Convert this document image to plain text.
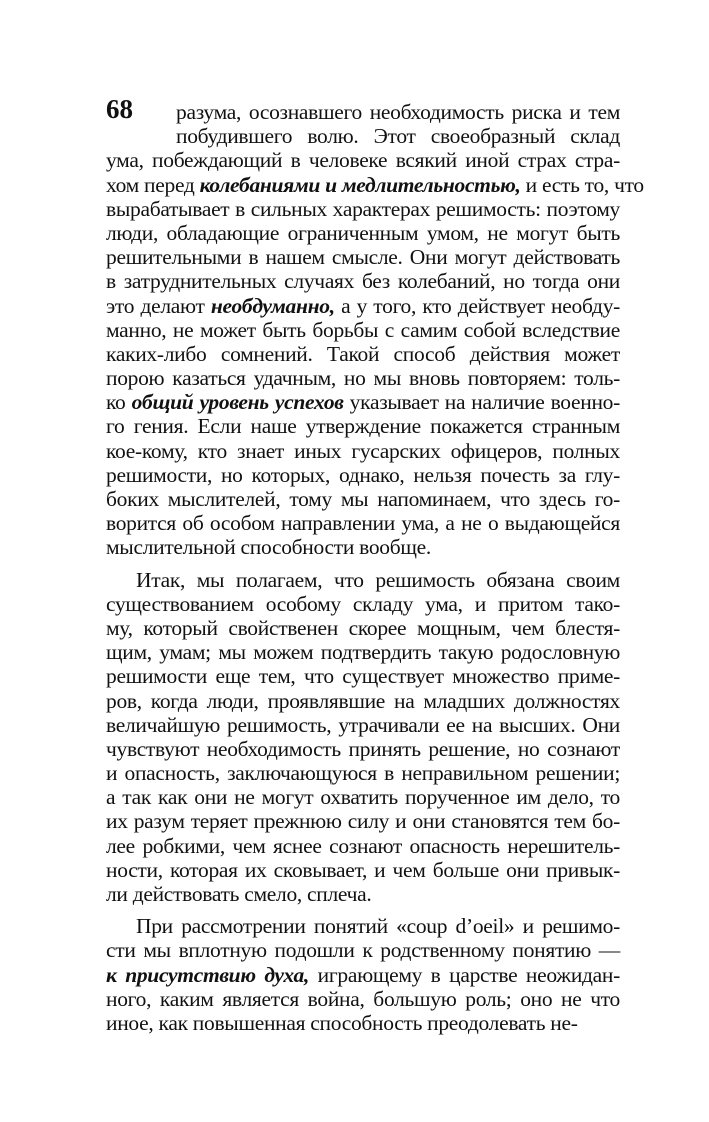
68	разума, осознавшего необходимость риска и тем
побудившего волю. Этот своеобразный склад
ума, побеждающий в человеке всякий иной страх стра-
хом перед колебаниями и медлительностью, и есть то, что
вырабатывает в сильных характерах решимость: поэтому
люди, обладающие ограниченным умом, не могут быть
решительными в нашем смысле. Они могут действовать
в затруднительных случаях без колебаний, но тогда они
это делают необдуманно, а у того, кто действует необду-
манно, не может быть борьбы с самим собой вследствие
каких-либо сомнений. Такой способ действия может
порою казаться удачным, но мы вновь повторяем: толь-
ко общий уровень успехов указывает на наличие военно-
го гения. Если наше утверждение покажется странным
кое-кому, кто знает иных гусарских офицеров, полных
решимости, но которых, однако, нельзя почесть за глу-
боких мыслителей, тому мы напоминаем, что здесь го-
ворится об особом направлении ума, а не о выдающейся
мыслительной способности вообще.
Итак, мы полагаем, что решимость обязана своим
существованием особому складу ума, и притом тако-
му, который свойственен скорее мощным, чем блестя-
щим, умам; мы можем подтвердить такую родословную
решимости еще тем, что существует множество приме-
ров, когда люди, проявлявшие на младших должностях
величайшую решимость, утрачивали ее на высших. Они
чувствуют необходимость принять решение, но сознают
и опасность, заключающуюся в неправильном решении;
а так как они не могут охватить порученное им дело, то
их разум теряет прежнюю силу и они становятся тем бо-
лее робкими, чем яснее сознают опасность нерешитель-
ности, которая их сковывает, и чем больше они привык-
ли действовать смело, сплеча.
При рассмотрении понятий «coup d’oeil» и решимо-
сти мы вплотную подошли к родственному понятию —
к присутствию духа, играющему в царстве неожидан-
ного, каким является война, большую роль; оно не что
иное, как повышенная способность преодолевать не-
